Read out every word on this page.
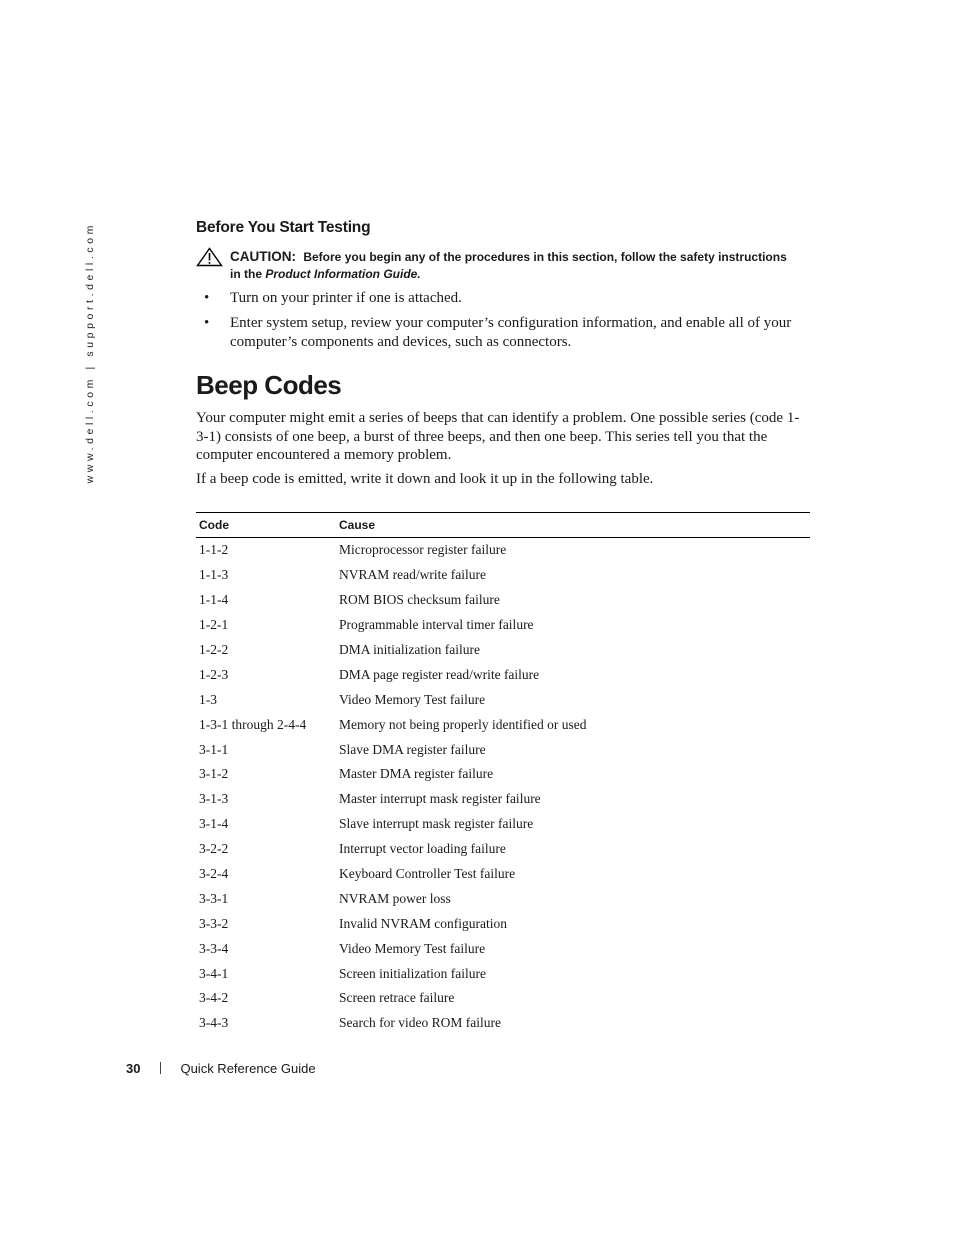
www.dell.com | support.dell.com	Before You Start Testing
CAUTION: Before you begin any of the procedures in this section, follow the safety instructions
in the Product Information Guide.
• Turn on your printer if one is attached.
• Enter system setup, review your computer’s configuration information, and enable all of your computer’s components and devices, such as connectors.
Beep Codes

Your computer might emit a series of beeps that can identify a problem. One possible series (code 1-3-1) consists of one beep, a burst of three beeps, and then one beep. This series tell you that the computer encountered a memory problem.

If a beep code is emitted, write it down and look it up in the following table.

Code	Cause
1-1-2	Microprocessor register failure
1-1-3	NVRAM read/write failure
1-1-4	ROM BIOS checksum failure
1-2-1	Programmable interval timer failure
1-2-2	DMA initialization failure
1-2-3	DMA page register read/write failure
1-3	Video Memory Test failure
1-3-1 through 2-4-4	Memory not being properly identified or used
3-1-1	Slave DMA register failure
3-1-2	Master DMA register failure
3-1-3	Master interrupt mask register failure
3-1-4	Slave interrupt mask register failure
3-2-2	Interrupt vector loading failure
3-2-4	Keyboard Controller Test failure
3-3-1	NVRAM power loss
3-3-2	Invalid NVRAM configuration
3-3-4	Video Memory Test failure
3-4-1	Screen initialization failure
3-4-2	Screen retrace failure
3-4-3	Search for video ROM failure
30	Quick Reference Guide
